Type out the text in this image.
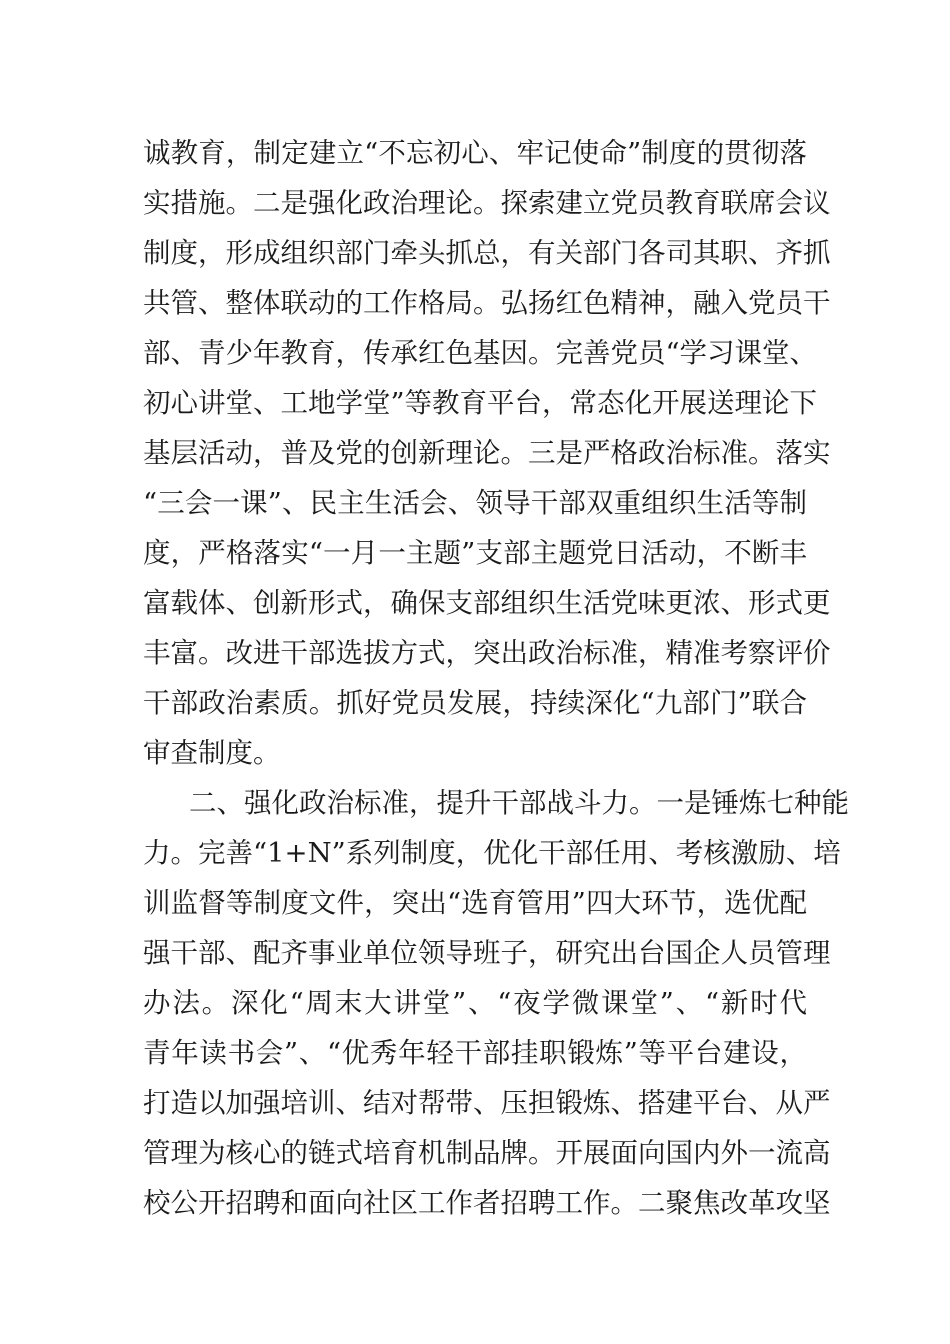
诚教育，制定建立“不忘初心、牢记使命”制度的贯彻落
实措施。二是强化政治理论。探索建立党员教育联席会议
制度，形成组织部门牵头抓总，有关部门各司其职、齐抓
共管、整体联动的工作格局。弘扬红色精神，融入党员干
部、青少年教育，传承红色基因。完善党员“学习课堂、
初心讲堂、工地学堂”等教育平台，常态化开展送理论下
基层活动，普及党的创新理论。三是严格政治标准。落实
“三会一课”、民主生活会、领导干部双重组织生活等制
度，严格落实“一月一主题”支部主题党日活动，不断丰
富载体、创新形式，确保支部组织生活党味更浓、形式更
丰富。改进干部选拔方式，突出政治标准，精准考察评价
干部政治素质。抓好党员发展，持续深化“九部门”联合
审查制度。
二、强化政治标准，提升干部战斗力。一是锤炼七种能
力。完善“1+N”系列制度，优化干部任用、考核激励、培
训监督等制度文件，突出“选育管用”四大环节，选优配
强干部、配齐事业单位领导班子，研究出台国企人员管理
办法。深化“周末大讲堂”、“夜学微课堂”、“新时代
青年读书会”、“优秀年轻干部挂职锻炼”等平台建设，
打造以加强培训、结对帮带、压担锻炼、搭建平台、从严
管理为核心的链式培育机制品牌。开展面向国内外一流高
校公开招聘和面向社区工作者招聘工作。二聚焦改革攻坚
